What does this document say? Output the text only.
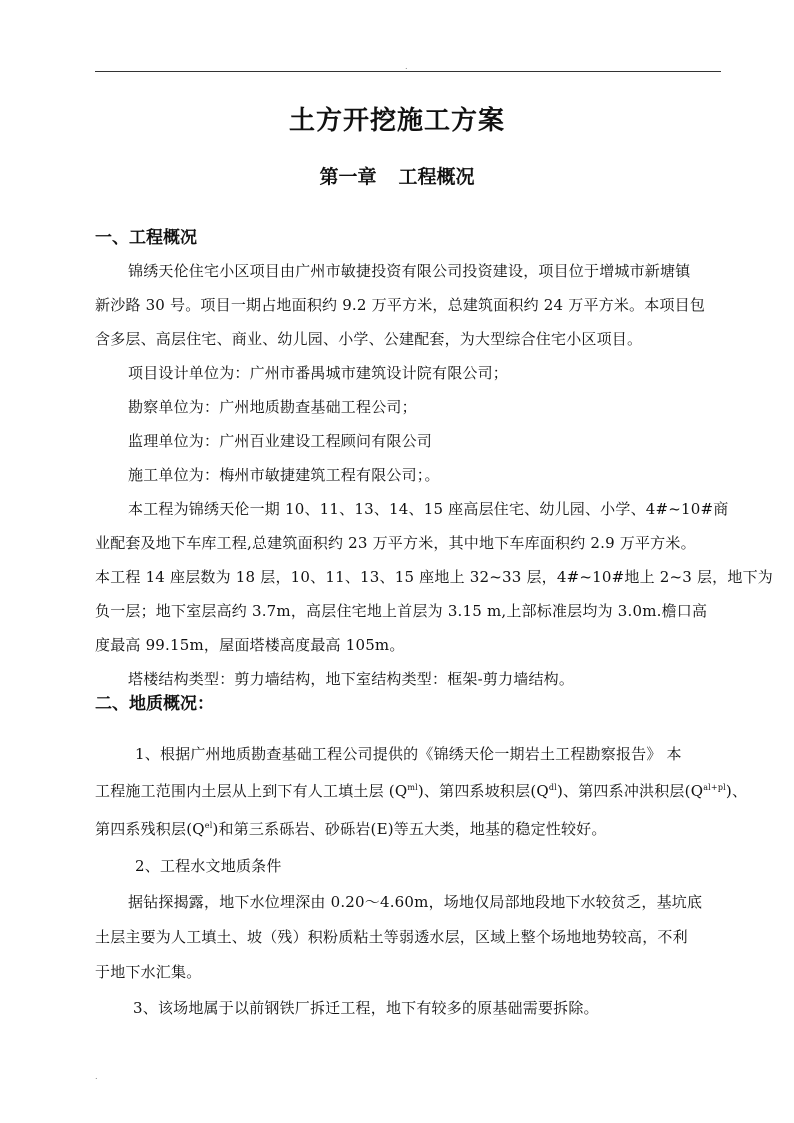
.
土方开挖施工方案
第一章 工程概况
一、工程概况
锦绣天伦住宅小区项目由广州市敏捷投资有限公司投资建设，项目位于增城市新塘镇
新沙路 30 号。项目一期占地面积约 9.2 万平方米，总建筑面积约 24 万平方米。本项目包
含多层、高层住宅、商业、幼儿园、小学、公建配套，为大型综合住宅小区项目。
项目设计单位为：广州市番禺城市建筑设计院有限公司；
勘察单位为：广州地质勘查基础工程公司；
监理单位为：广州百业建设工程顾问有限公司
施工单位为：梅州市敏捷建筑工程有限公司；。
本工程为锦绣天伦一期 10、11、13、14、15 座高层住宅、幼儿园、小学、4#~10#商
业配套及地下车库工程,总建筑面积约 23 万平方米，其中地下车库面积约 2.9 万平方米。
本工程 14 座层数为 18 层，10、11、13、15 座地上 32~33 层，4#~10#地上 2~3 层，地下为
负一层；地下室层高约 3.7m，高层住宅地上首层为 3.15 m,上部标准层均为 3.0m.檐口高
度最高 99.15m，屋面塔楼高度最高 105m。
塔楼结构类型：剪力墙结构，地下室结构类型：框架-剪力墙结构。
二、地质概况：
1、根据广州地质勘查基础工程公司提供的《锦绣天伦一期岩土工程勘察报告》 本
工程施工范围内土层从上到下有人工填土层 $(Q^{ml})$、第四系坡积层$(Q^{dl})$、第四系冲洪积层$(Q^{al+pl})$、
第四系残积层$(Q^{el})$和第三系砾岩、砂砾岩(E)等五大类，地基的稳定性较好。
2、工程水文地质条件
据钻探揭露，地下水位埋深由 0.20～4.60m，场地仅局部地段地下水较贫乏，基坑底
土层主要为人工填土、坡（残）积粉质粘土等弱透水层，区域上整个场地地势较高，不利
于地下水汇集。
3、该场地属于以前钢铁厂拆迁工程，地下有较多的原基础需要拆除。
.
